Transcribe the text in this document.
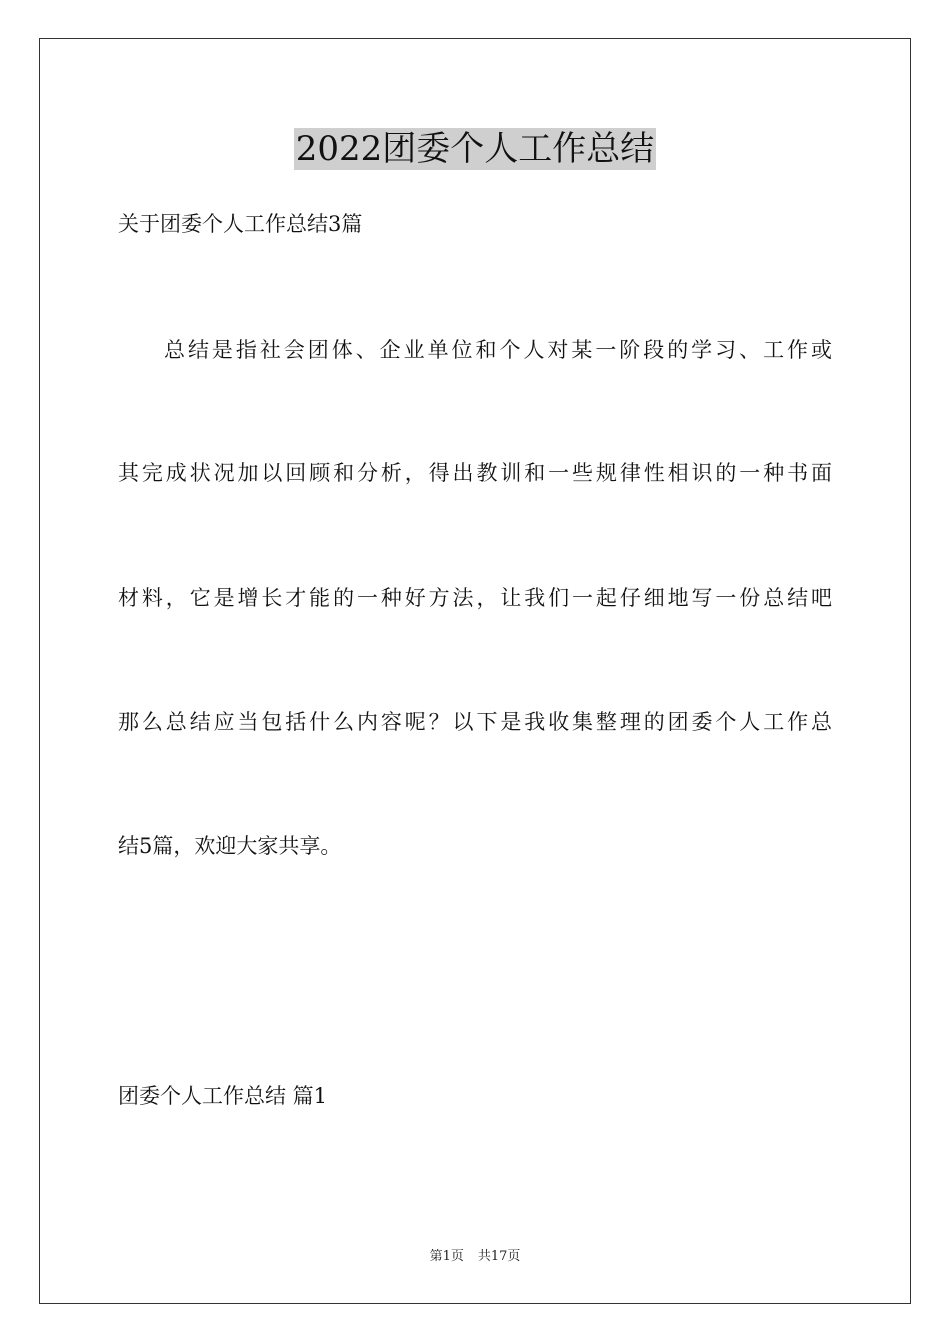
2022团委个人工作总结

关于团委个人工作总结3篇

总结是指社会团体、企业单位和个人对某一阶段的学习、工作或

其完成状况加以回顾和分析，得出教训和一些规律性相识的一种书面

材料，它是增长才能的一种好方法，让我们一起仔细地写一份总结吧

那么总结应当包括什么内容呢？以下是我收集整理的团委个人工作总

结5篇，欢迎大家共享。

团委个人工作总结 篇1

第1页 共17页
